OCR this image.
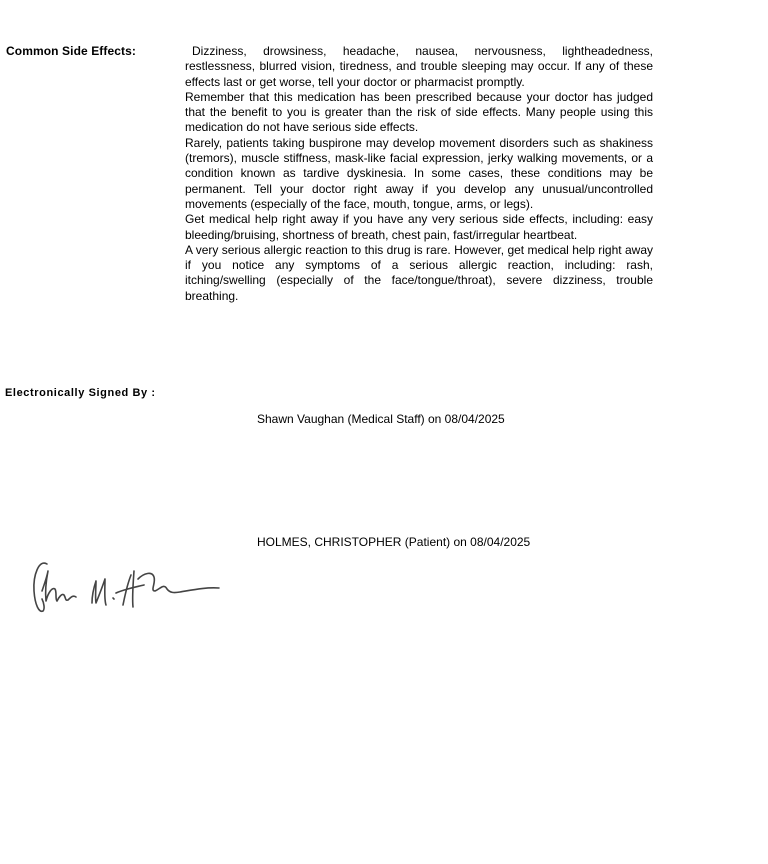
Common Side Effects:	Dizziness, drowsiness, headache, nausea, nervousness, lightheadedness, restlessness, blurred vision, tiredness, and trouble sleeping may occur. If any of these effects last or get worse, tell your doctor or pharmacist promptly.

Remember that this medication has been prescribed because your doctor has judged that the benefit to you is greater than the risk of side effects. Many people using this medication do not have serious side effects.

Rarely, patients taking buspirone may develop movement disorders such as shakiness (tremors), muscle stiffness, mask-like facial expression, jerky walking movements, or a condition known as tardive dyskinesia. In some cases, these conditions may be permanent. Tell your doctor right away if you develop any unusual/uncontrolled movements (especially of the face, mouth, tongue, arms, or legs).

Get medical help right away if you have any very serious side effects, including: easy bleeding/bruising, shortness of breath, chest pain, fast/irregular heartbeat.

A very serious allergic reaction to this drug is rare. However, get medical help right away if you notice any symptoms of a serious allergic reaction, including: rash, itching/swelling (especially of the face/tongue/throat), severe dizziness, trouble breathing.

Electronically Signed By :
Shawn Vaughan (Medical Staff) on 08/04/2025
HOLMES, CHRISTOPHER (Patient) on 08/04/2025
